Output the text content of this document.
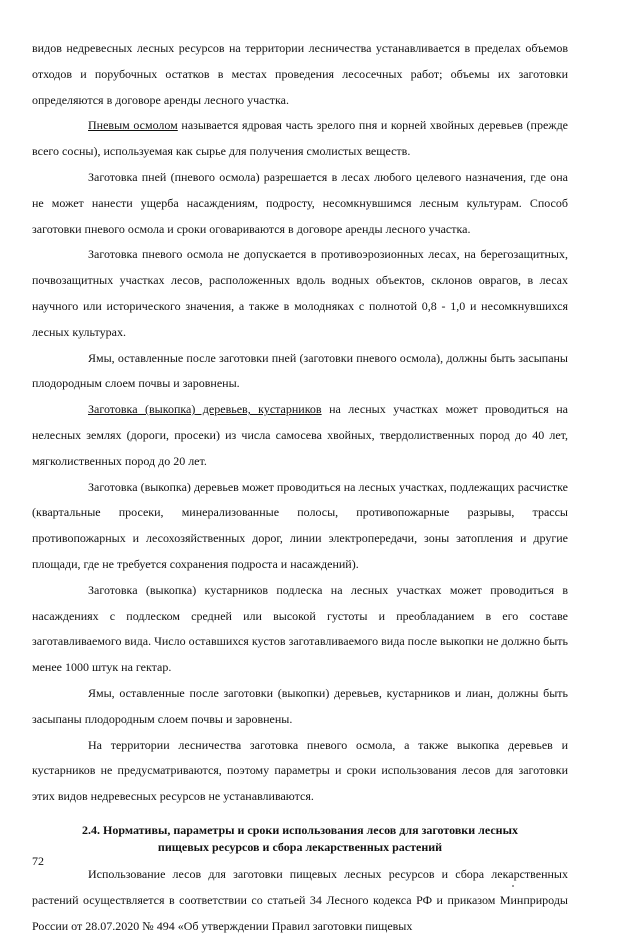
видов недревесных лесных ресурсов на территории лесничества устанавливается в пределах объемов отходов и порубочных остатков в местах проведения лесосечных работ; объемы их заготовки определяются в договоре аренды лесного участка.

Пневым осмолом называется ядровая часть зрелого пня и корней хвойных деревьев (прежде всего сосны), используемая как сырье для получения смолистых веществ.

Заготовка пней (пневого осмола) разрешается в лесах любого целевого назначения, где она не может нанести ущерба насаждениям, подросту, несомкнувшимся лесным культурам. Способ заготовки пневого осмола и сроки оговариваются в договоре аренды лесного участка.

Заготовка пневого осмола не допускается в противоэрозионных лесах, на берегозащитных, почвозащитных участках лесов, расположенных вдоль водных объектов, склонов оврагов, в лесах научного или исторического значения, а также в молодняках с полнотой 0,8 - 1,0 и несомкнувшихся лесных культурах.

Ямы, оставленные после заготовки пней (заготовки пневого осмола), должны быть засыпаны плодородным слоем почвы и заровнены.

Заготовка (выкопка) деревьев, кустарников на лесных участках может проводиться на нелесных землях (дороги, просеки) из числа самосева хвойных, твердолиственных пород до 40 лет, мягколиственных пород до 20 лет.

Заготовка (выкопка) деревьев может проводиться на лесных участках, подлежащих расчистке (квартальные просеки, минерализованные полосы, противопожарные разрывы, трассы противопожарных и лесохозяйственных дорог, линии электропередачи, зоны затопления и другие площади, где не требуется сохранения подроста и насаждений).

Заготовка (выкопка) кустарников подлеска на лесных участках может проводиться в насаждениях с подлеском средней или высокой густоты и преобладанием в его составе заготавливаемого вида. Число оставшихся кустов заготавливаемого вида после выкопки не должно быть менее 1000 штук на гектар.

Ямы, оставленные после заготовки (выкопки) деревьев, кустарников и лиан, должны быть засыпаны плодородным слоем почвы и заровнены.

На территории лесничества заготовка пневого осмола, а также выкопка деревьев и кустарников не предусматриваются, поэтому параметры и сроки использования лесов для заготовки этих видов недревесных ресурсов не устанавливаются.

2.4. Нормативы, параметры и сроки использования лесов для заготовки лесных
пищевых ресурсов и сбора лекарственных растений

Использование лесов для заготовки пищевых лесных ресурсов и сбора лекарственных растений осуществляется в соответствии со статьей 34 Лесного кодекса РФ и приказом Минприроды России от 28.07.2020 № 494 «Об утверждении Правил заготовки пищевых

72
